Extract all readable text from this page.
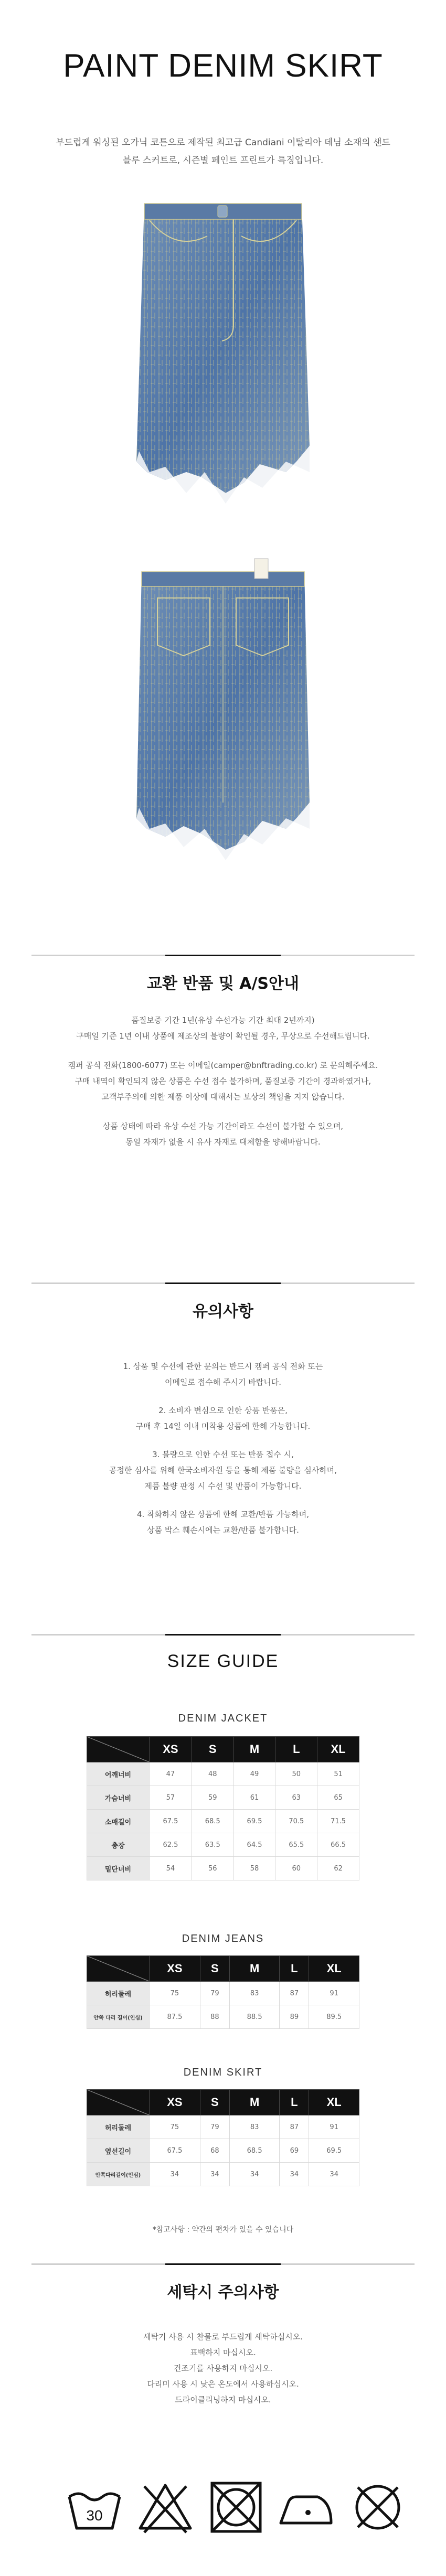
PAINT DENIM SKIRT
부드럽게 워싱된 오가닉 코튼으로 제작된 최고급 Candiani 이탈리아 데님 소재의 샌드
블루 스커트로, 시즌별 페인트 프린트가 특징입니다.
교환 반품 및 A/S안내
품질보증 기간 1년(유상 수선가능 기간 최대 2년까지)
구매일 기준 1년 이내 상품에 제조상의 불량이 확인될 경우, 무상으로 수선해드립니다.
캠퍼 공식 전화(1800-6077) 또는 이메일(camper@bnftrading.co.kr) 로 문의해주세요.
구매 내역이 확인되지 않은 상품은 수선 접수 불가하며, 품질보증 기간이 경과하였거나,
고객부주의에 의한 제품 이상에 대해서는 보상의 책임을 지지 않습니다.
상품 상태에 따라 유상 수선 가능 기간이라도 수선이 불가할 수 있으며,
동일 자재가 없을 시 유사 자재로 대체함을 양해바랍니다.
유의사항
1. 상품 및 수선에 관한 문의는 반드시 캠퍼 공식 전화 또는
이메일로 접수해 주시기 바랍니다.
2. 소비자 변심으로 인한 상품 반품은,
구매 후 14일 이내 미착용 상품에 한해 가능합니다.
3. 불량으로 인한 수선 또는 반품 접수 시,
공정한 심사를 위해 한국소비자원 등을 통해 제품 불량을 심사하며,
제품 불량 판정 시 수선 및 반품이 가능합니다.
4. 착화하지 않은 상품에 한해 교환/반품 가능하며,
상품 박스 훼손시에는 교환/반품 불가합니다.
SIZE GUIDE
DENIM JACKET
	XS	S	M	L	XL
어깨너비	47	48	49	50	51
가슴너비	57	59	61	63	65
소매길이	67.5	68.5	69.5	70.5	71.5
총장	62.5	63.5	64.5	65.5	66.5
밑단너비	54	56	58	60	62
DENIM JEANS
	XS	S	M	L	XL
허리둘레	75	79	83	87	91
안쪽 다리 길이(인심)	87.5	88	88.5	89	89.5
DENIM SKIRT
	XS	S	M	L	XL
허리둘레	75	79	83	87	91
옆선길이	67.5	68	68.5	69	69.5
안쪽다리길이(인심)	34	34	34	34	34
*참고사항 : 약간의 편차가 있을 수 있습니다
세탁시 주의사항
세탁기 사용 시 찬물로 부드럽게 세탁하십시오.
표백하지 마십시오.
건조기를 사용하지 마십시오.
다리미 사용 시 낮은 온도에서 사용하십시오.
드라이클리닝하지 마십시오.
30
